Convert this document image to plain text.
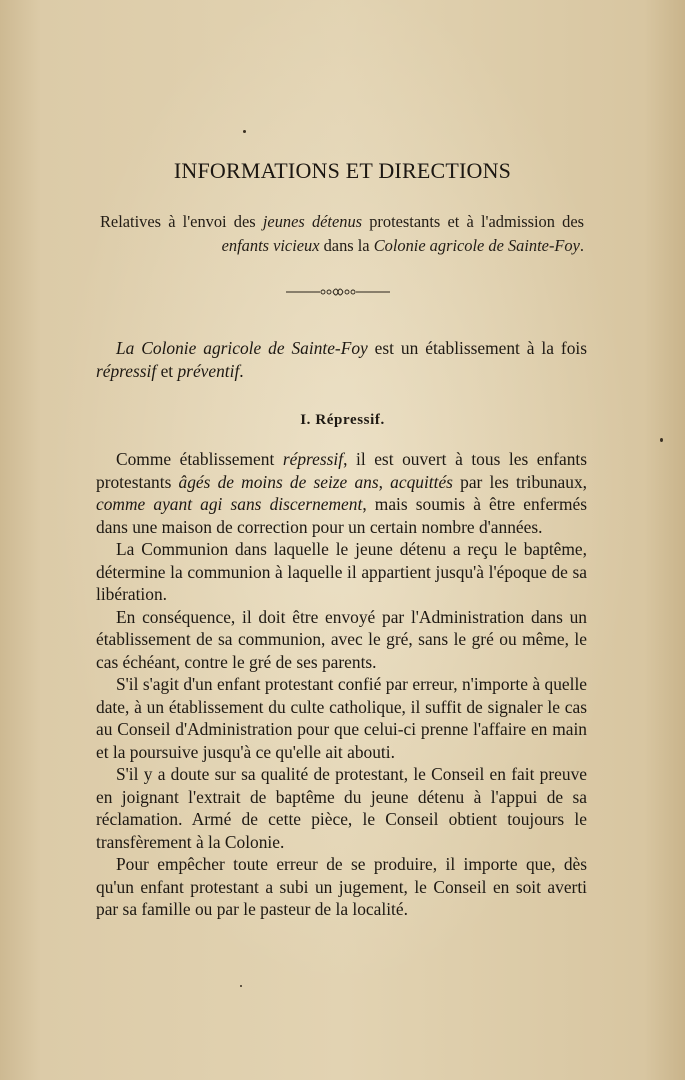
INFORMATIONS ET DIRECTIONS

Relatives à l'envoi des jeunes détenus protestants et à l'admission des enfants vicieux dans la Colonie agricole de Sainte-Foy.

La Colonie agricole de Sainte-Foy est un établissement à la fois répressif et préventif.

I. Répressif.

Comme établissement répressif, il est ouvert à tous les enfants protestants âgés de moins de seize ans, acquittés par les tribunaux, comme ayant agi sans discernement, mais soumis à être enfermés dans une maison de correction pour un certain nombre d'années.

La Communion dans laquelle le jeune détenu a reçu le baptême, détermine la communion à laquelle il appartient jusqu'à l'époque de sa libération.

En conséquence, il doit être envoyé par l'Administration dans un établissement de sa communion, avec le gré, sans le gré ou même, le cas échéant, contre le gré de ses parents.

S'il s'agit d'un enfant protestant confié par erreur, n'importe à quelle date, à un établissement du culte catholique, il suffit de signaler le cas au Conseil d'Administration pour que celui-ci prenne l'affaire en main et la poursuive jusqu'à ce qu'elle ait abouti.

S'il y a doute sur sa qualité de protestant, le Conseil en fait preuve en joignant l'extrait de baptême du jeune détenu à l'appui de sa réclamation. Armé de cette pièce, le Conseil obtient toujours le transfèrement à la Colonie.

Pour empêcher toute erreur de se produire, il importe que, dès qu'un enfant protestant a subi un jugement, le Conseil en soit averti par sa famille ou par le pasteur de la localité.
